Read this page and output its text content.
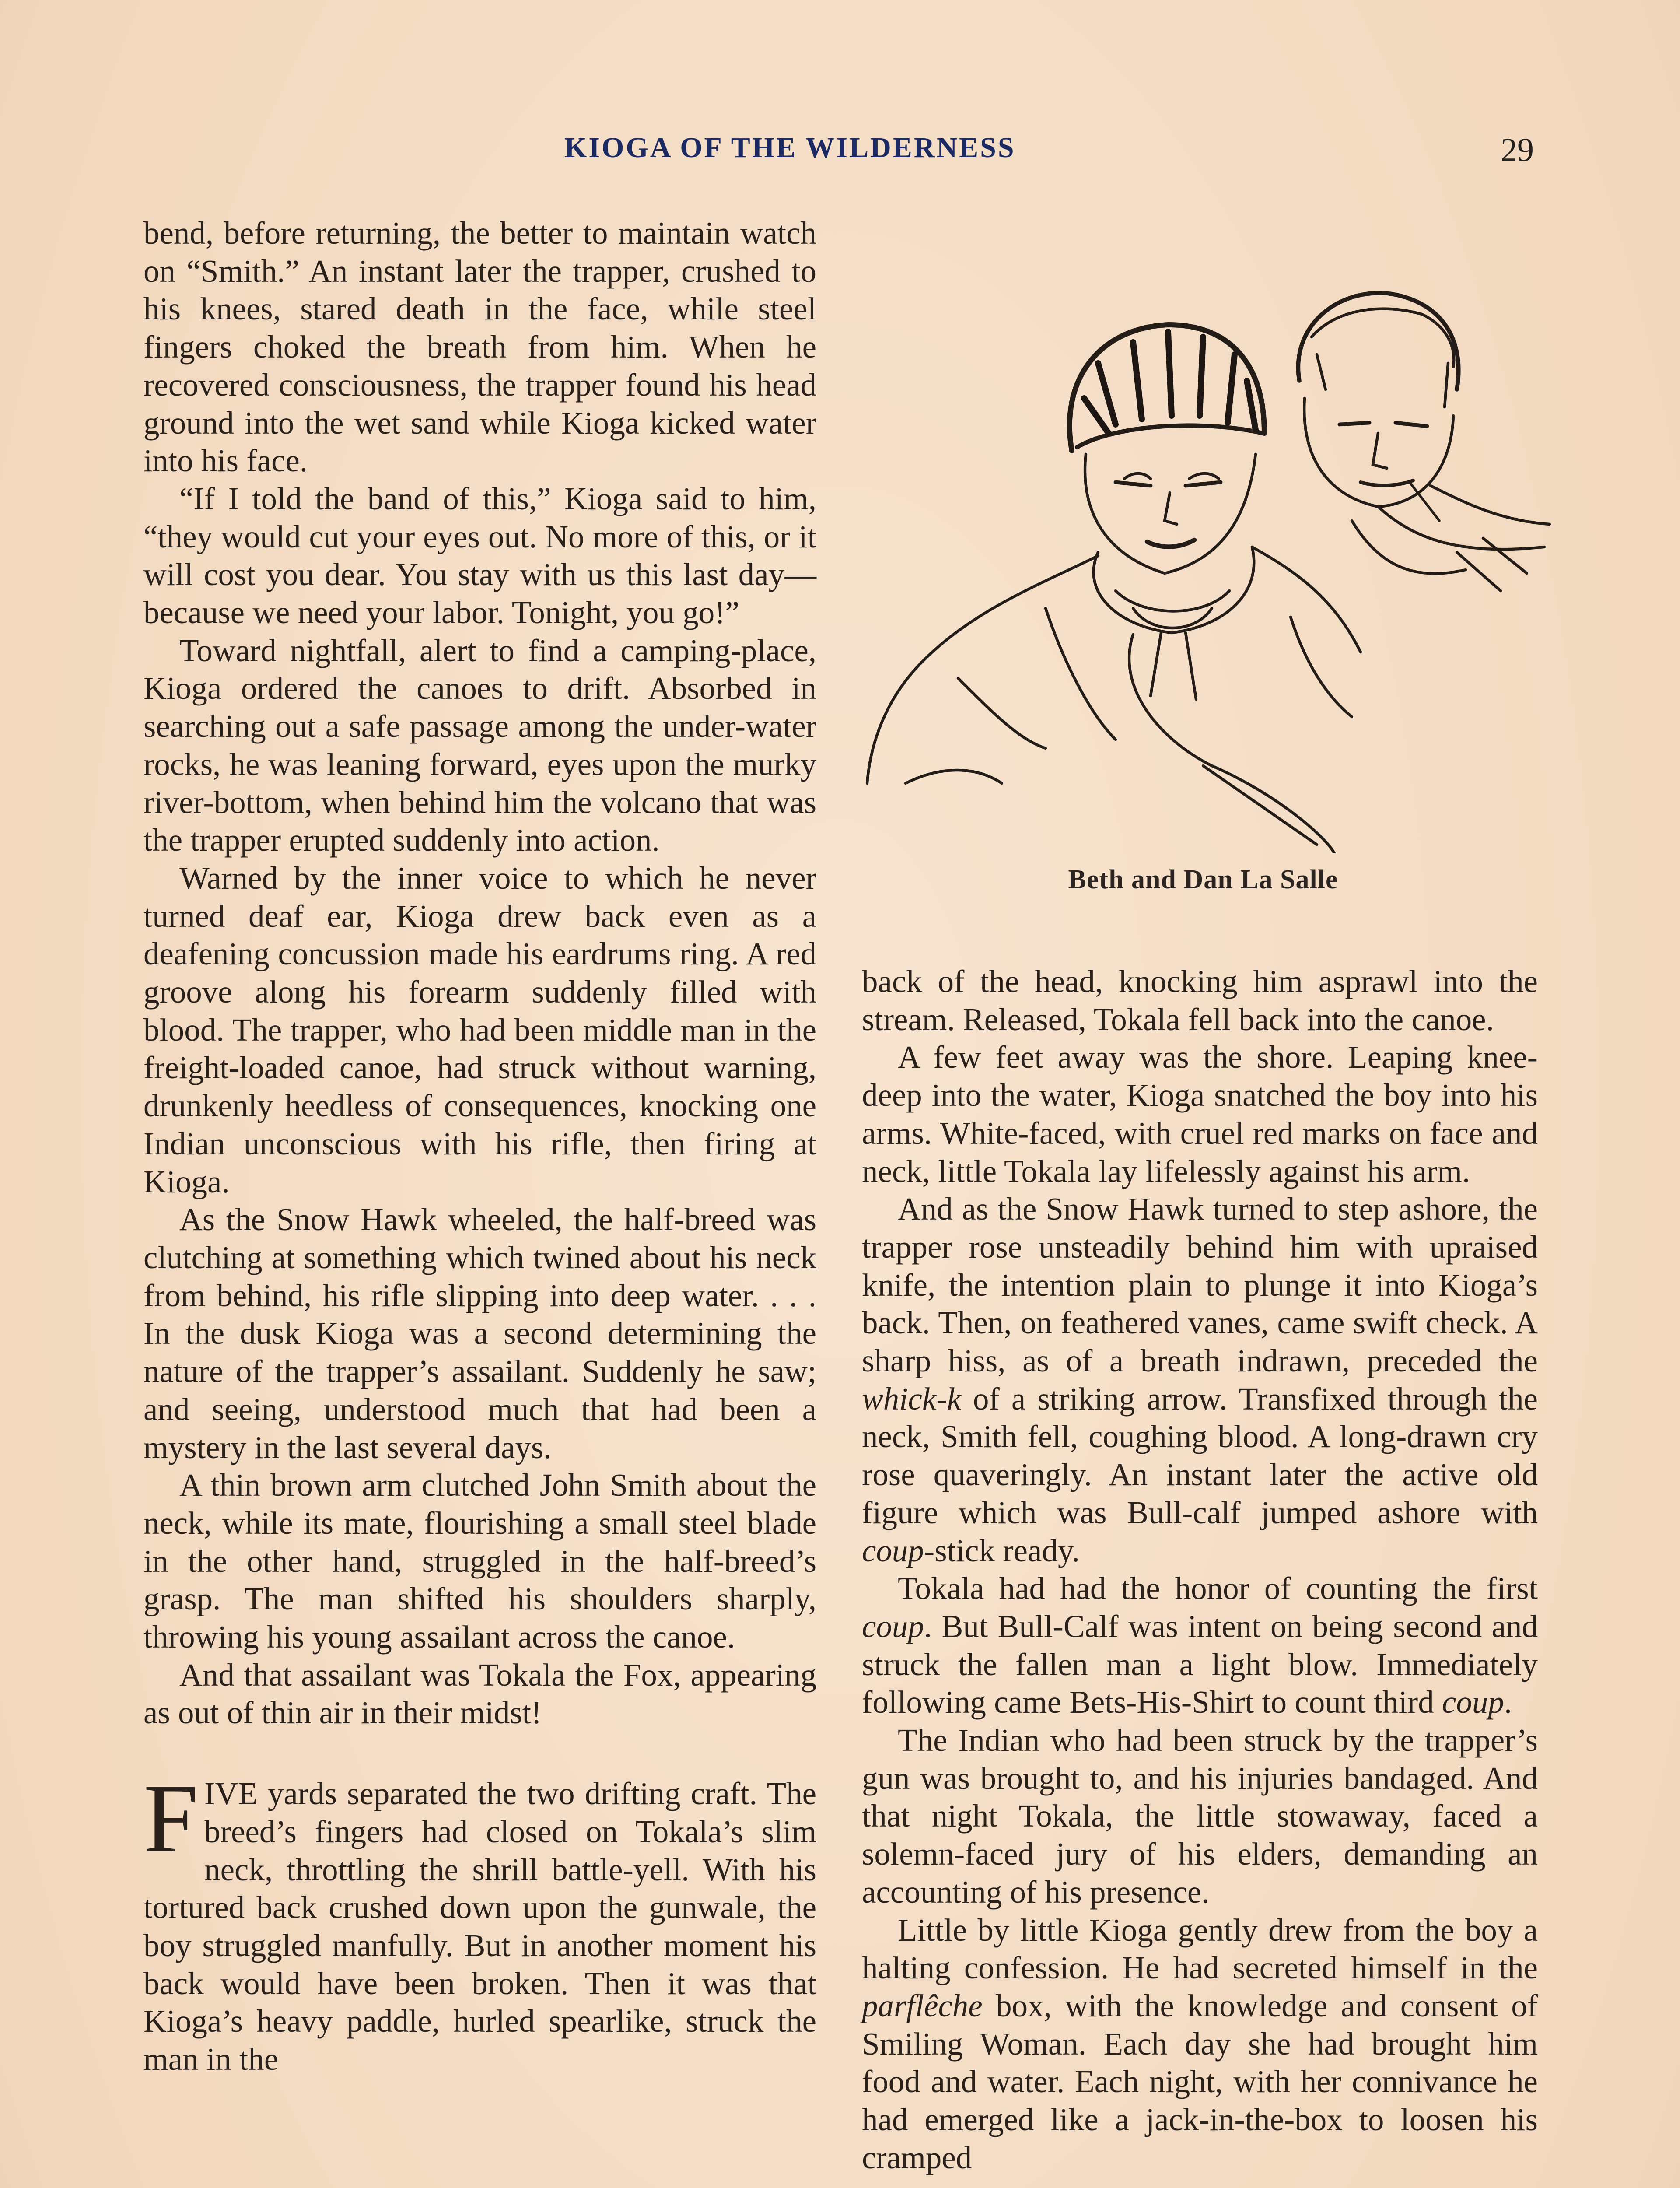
KIOGA OF THE WILDERNESS	29

bend, before returning, the better to maintain watch on “Smith.” An instant later the trapper, crushed to his knees, stared death in the face, while steel fingers choked the breath from him. When he recovered consciousness, the trapper found his head ground into the wet sand while Kioga kicked water into his face.

“If I told the band of this,” Kioga said to him, “they would cut your eyes out. No more of this, or it will cost you dear. You stay with us this last day—because we need your labor. Tonight, you go!”

Toward nightfall, alert to find a camping-place, Kioga ordered the canoes to drift. Absorbed in searching out a safe passage among the under-water rocks, he was leaning forward, eyes upon the murky river-bottom, when behind him the volcano that was the trapper erupted suddenly into action.

Warned by the inner voice to which he never turned deaf ear, Kioga drew back even as a deafening concussion made his eardrums ring. A red groove along his forearm suddenly filled with blood. The trapper, who had been middle man in the freight-loaded canoe, had struck without warning, drunkenly heedless of consequences, knocking one Indian unconscious with his rifle, then firing at Kioga.

As the Snow Hawk wheeled, the half-breed was clutching at something which twined about his neck from behind, his rifle slipping into deep water. . . . In the dusk Kioga was a second determining the nature of the trapper’s assailant. Suddenly he saw; and seeing, understood much that had been a mystery in the last several days.

A thin brown arm clutched John Smith about the neck, while its mate, flourishing a small steel blade in the other hand, struggled in the half-breed’s grasp. The man shifted his shoulders sharply, throwing his young assailant across the canoe.

And that assailant was Tokala the Fox, appearing as out of thin air in their midst!

FIVE yards separated the two drifting craft. The breed’s fingers had closed on Tokala’s slim neck, throttling the shrill battle-yell. With his tortured back crushed down upon the gunwale, the boy struggled manfully. But in another moment his back would have been broken. Then it was that Kioga’s heavy paddle, hurled spearlike, struck the man in the

Beth and Dan La Salle

back of the head, knocking him asprawl into the stream. Released, Tokala fell back into the canoe.

A few feet away was the shore. Leaping knee-deep into the water, Kioga snatched the boy into his arms. White-faced, with cruel red marks on face and neck, little Tokala lay lifelessly against his arm.

And as the Snow Hawk turned to step ashore, the trapper rose unsteadily behind him with upraised knife, the intention plain to plunge it into Kioga’s back. Then, on feathered vanes, came swift check. A sharp hiss, as of a breath indrawn, preceded the whick-k of a striking arrow. Transfixed through the neck, Smith fell, coughing blood. A long-drawn cry rose quaveringly. An instant later the active old figure which was Bull-calf jumped ashore with coup-stick ready.

Tokala had had the honor of counting the first coup. But Bull-Calf was intent on being second and struck the fallen man a light blow. Immediately following came Bets-His-Shirt to count third coup.

The Indian who had been struck by the trapper’s gun was brought to, and his injuries bandaged. And that night Tokala, the little stowaway, faced a solemn-faced jury of his elders, demanding an accounting of his presence.

Little by little Kioga gently drew from the boy a halting confession. He had secreted himself in the parflêche box, with the knowledge and consent of Smiling Woman. Each day she had brought him food and water. Each night, with her connivance he had emerged like a jack-in-the-box to loosen his cramped
